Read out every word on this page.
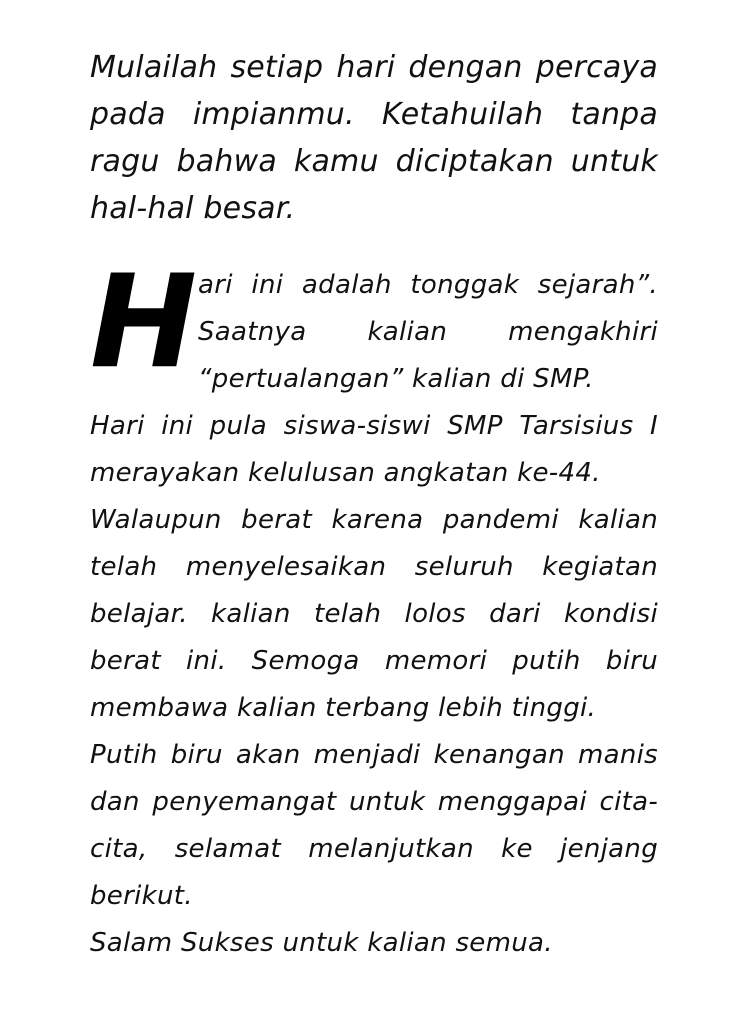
Mulailah setiap hari dengan percaya pada impianmu. Ketahuilah tanpa ragu bahwa kamu diciptakan untuk hal-hal besar.

H ari ini adalah tonggak sejarah”. Saatnya kalian mengakhiri “pertualangan” kalian di SMP.

Hari ini pula siswa-siswi SMP Tarsisius I merayakan kelulusan angkatan ke-44.

Walaupun berat karena pandemi kalian telah menyelesaikan seluruh kegiatan belajar. kalian telah lolos dari kondisi berat ini. Semoga memori putih biru membawa kalian terbang lebih tinggi.

Putih biru akan menjadi kenangan manis dan penyemangat untuk menggapai cita-cita, selamat melanjutkan ke jenjang berikut.

Salam Sukses untuk kalian semua.
